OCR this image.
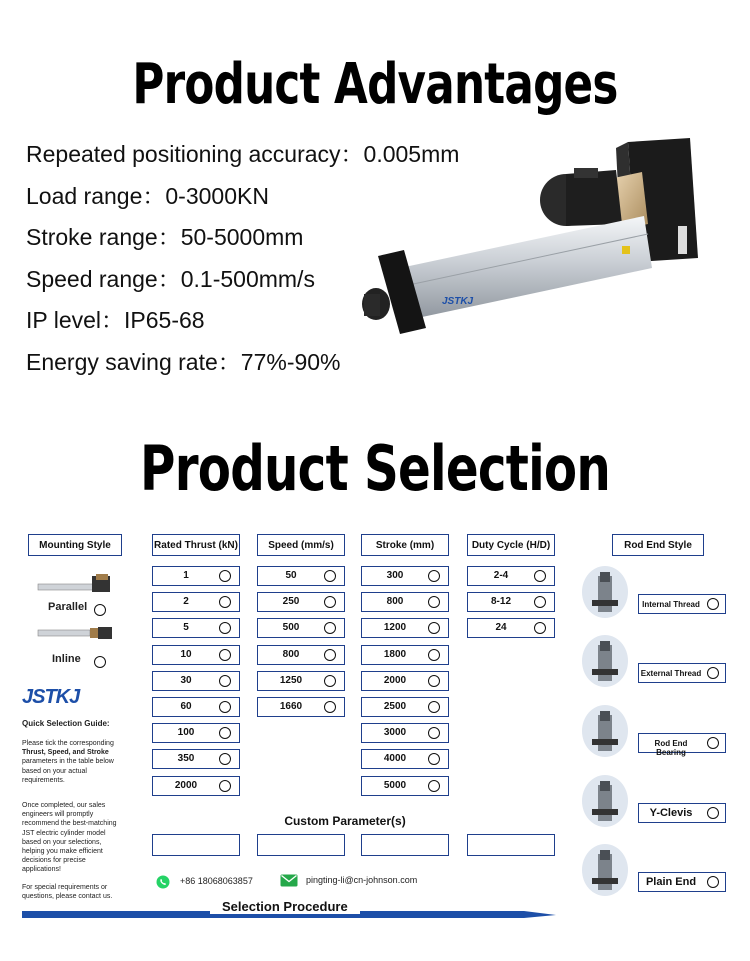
Product Advantages
Repeated positioning accuracy：0.005mm
Load range：0-3000KN
Stroke range：50-5000mm
Speed range：0.1-500mm/s
IP level：IP65-68
Energy saving rate：77%-90%
JSTKJ
Product Selection
Mounting Style
Parallel
Inline
JSTKJ
Quick Selection Guide:
Please tick the corresponding Thrust, Speed, and Stroke parameters in the table below based on your actual requirements.
Once completed, our sales engineers will promptly recommend the best-matching JST electric cylinder model based on your selections, helping you make efficient decisions for precise applications!
For special requirements or questions, please contact us.
Rated Thrust (kN)
1
2
5
10
30
60
100
350
2000
Speed (mm/s)
50
250
500
800
1250
1660
Stroke (mm)
300
800
1200
1800
2000
2500
3000
4000
5000
Duty Cycle (H/D)
2-4
8-12
24
Custom Parameter(s)
+86 18068063857	pingting-li@cn-johnson.com
Selection Procedure
Rod End Style
Internal Thread
External Thread
Rod End Bearing
Y-Clevis
Plain End
